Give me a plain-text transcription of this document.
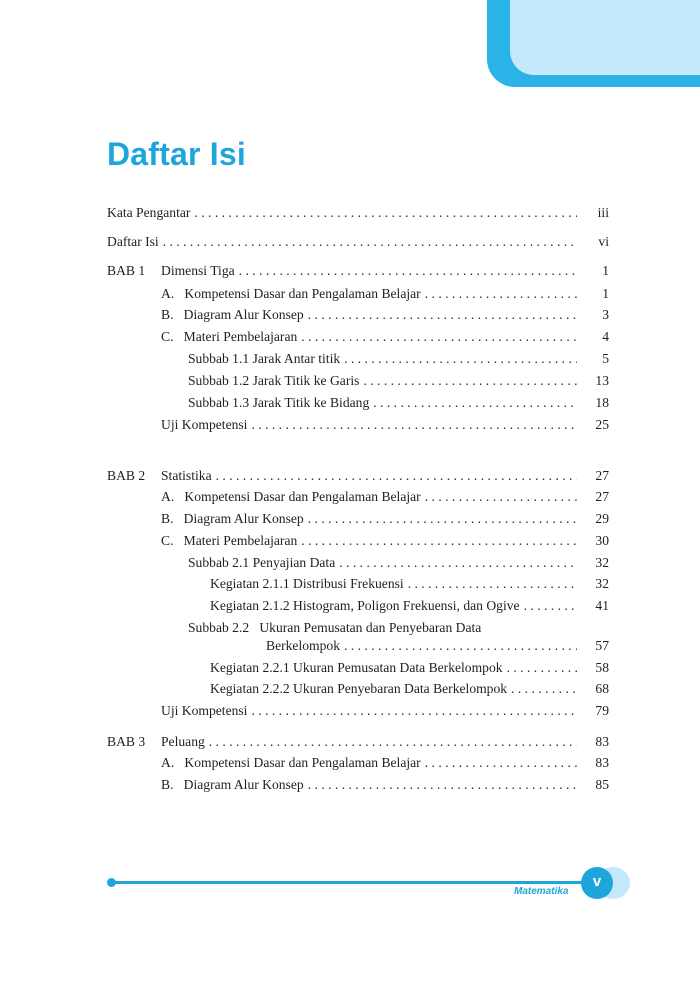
Daftar Isi
Kata Pengantar . . .	iii
Daftar Isi . . .	vi
BAB 1 Dimensi Tiga . . .	1
A.   Kompetensi Dasar dan Pengalaman Belajar . . .	1
B.   Diagram Alur Konsep . . .	3
C.   Materi Pembelajaran . . .	4
Subbab 1.1 Jarak Antar titik . . .	5
Subbab 1.2 Jarak Titik ke Garis . . .	13
Subbab 1.3 Jarak Titik ke Bidang . . .	18
Uji Kompetensi . . .	25
BAB 2 Statistika . . .	27
A.   Kompetensi Dasar dan Pengalaman Belajar . . .	27
B.   Diagram Alur Konsep . . .	29
C.   Materi Pembelajaran . . .	30
Subbab 2.1 Penyajian Data . . .	32
Kegiatan 2.1.1 Distribusi Frekuensi . . .	32
Kegiatan 2.1.2 Histogram, Poligon Frekuensi, dan Ogive . . .	41
Subbab 2.2   Ukuran Pemusatan dan Penyebaran Data
Berkelompok . . .	57
Kegiatan 2.2.1 Ukuran Pemusatan Data Berkelompok . . .	58
Kegiatan 2.2.2 Ukuran Penyebaran Data Berkelompok . . .	68
Uji Kompetensi . . .	79
BAB 3 Peluang . . .	83
A.   Kompetensi Dasar dan Pengalaman Belajar . . .	83
B.   Diagram Alur Konsep . . .	85
Matematika
v
